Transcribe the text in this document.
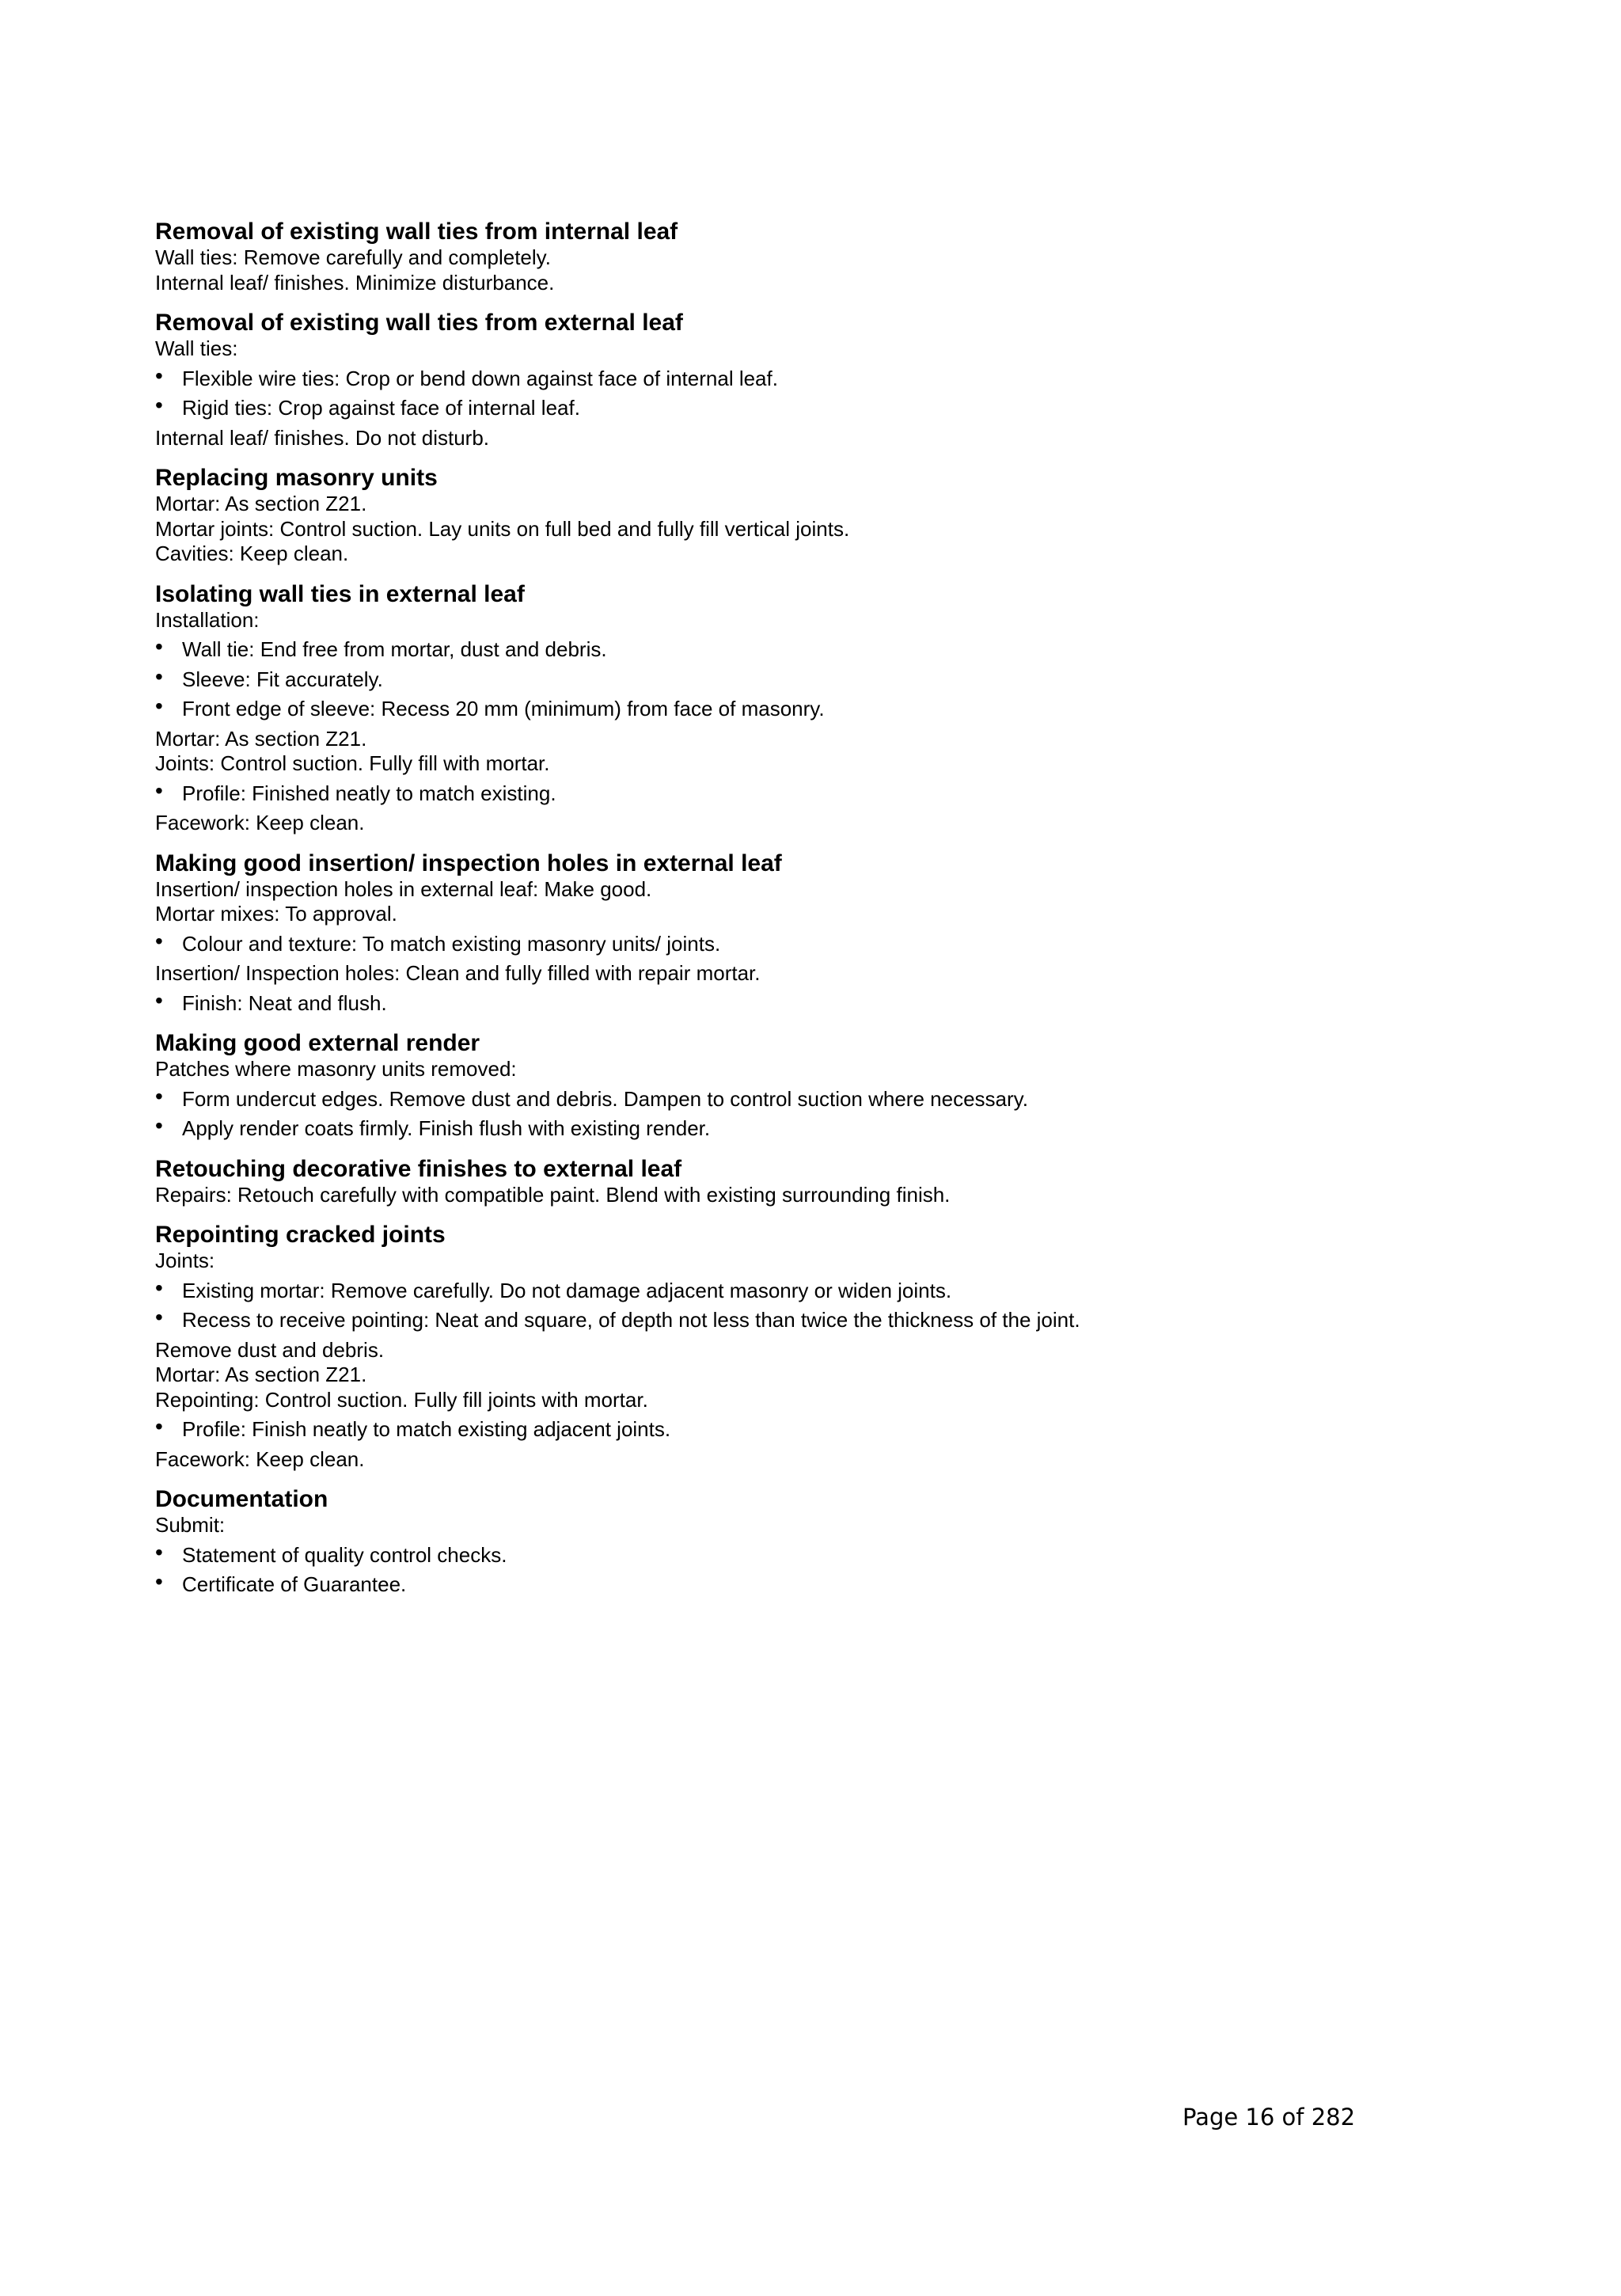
Removal of existing wall ties from internal leaf
Wall ties: Remove carefully and completely.
Internal leaf/ finishes. Minimize disturbance.
Removal of existing wall ties from external leaf
Wall ties:
• Flexible wire ties: Crop or bend down against face of internal leaf.
• Rigid ties: Crop against face of internal leaf.
Internal leaf/ finishes. Do not disturb.
Replacing masonry units
Mortar: As section Z21.
Mortar joints: Control suction. Lay units on full bed and fully fill vertical joints.
Cavities: Keep clean.
Isolating wall ties in external leaf
Installation:
• Wall tie: End free from mortar, dust and debris.
• Sleeve: Fit accurately.
• Front edge of sleeve: Recess 20 mm (minimum) from face of masonry.
Mortar: As section Z21.
Joints: Control suction. Fully fill with mortar.
• Profile: Finished neatly to match existing.
Facework: Keep clean.
Making good insertion/ inspection holes in external leaf
Insertion/ inspection holes in external leaf: Make good.
Mortar mixes: To approval.
• Colour and texture: To match existing masonry units/ joints.
Insertion/ Inspection holes: Clean and fully filled with repair mortar.
• Finish: Neat and flush.
Making good external render
Patches where masonry units removed:
• Form undercut edges. Remove dust and debris. Dampen to control suction where necessary.
• Apply render coats firmly. Finish flush with existing render.
Retouching decorative finishes to external leaf
Repairs: Retouch carefully with compatible paint. Blend with existing surrounding finish.
Repointing cracked joints
Joints:
• Existing mortar: Remove carefully. Do not damage adjacent masonry or widen joints.
• Recess to receive pointing: Neat and square, of depth not less than twice the thickness of the joint.
Remove dust and debris.
Mortar: As section Z21.
Repointing: Control suction. Fully fill joints with mortar.
• Profile: Finish neatly to match existing adjacent joints.
Facework: Keep clean.
Documentation
Submit:
• Statement of quality control checks.
• Certificate of Guarantee.
Page 16 of 282
